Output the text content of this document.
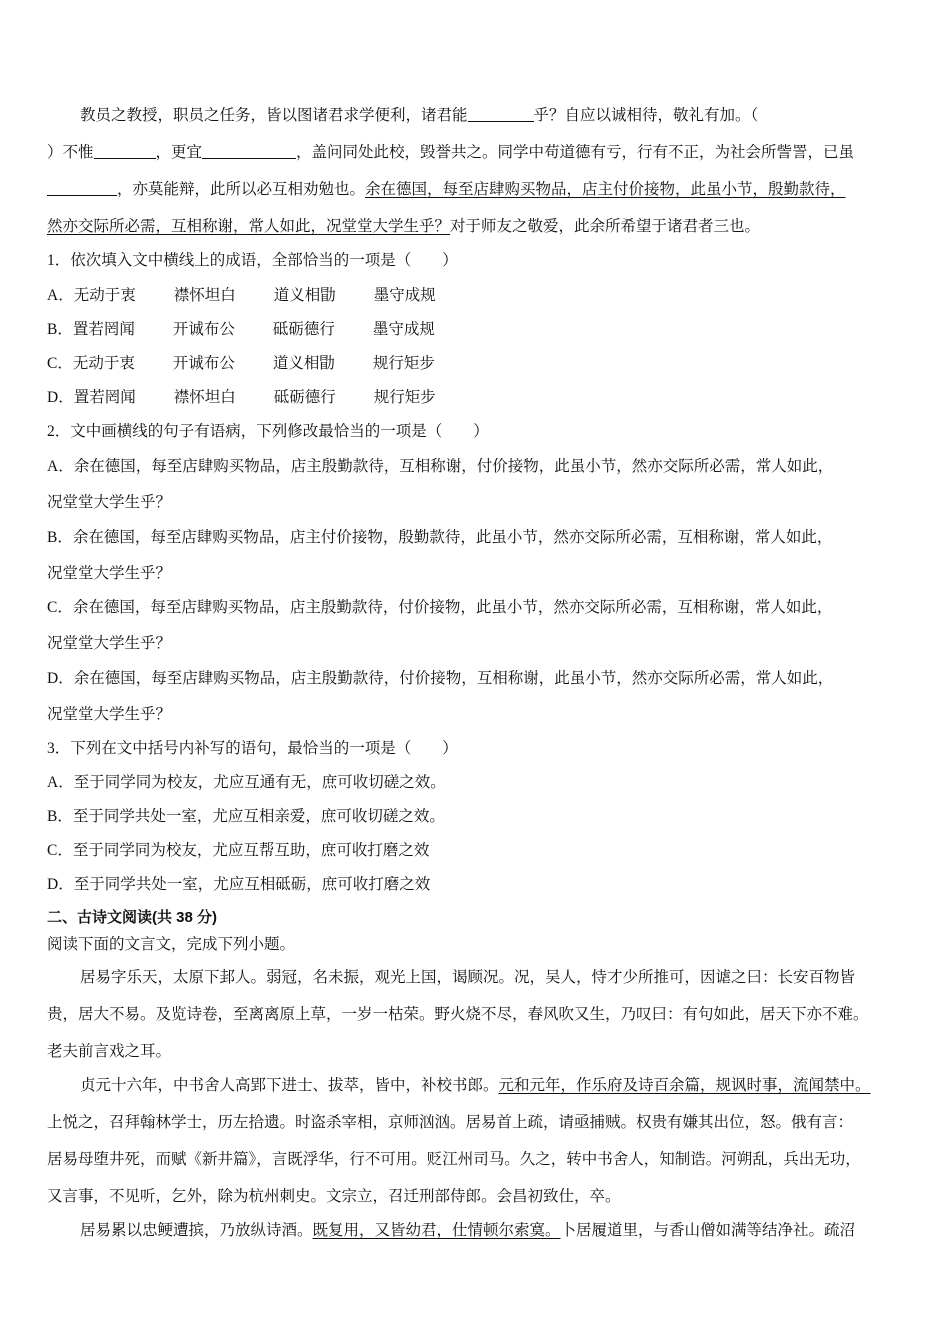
教员之教授，职员之任务，皆以图诸君求学便利，诸君能	乎？自应以诚相待，敬礼有加。（
）不惟	，更宜	，盖问同处此校，毁誉共之。同学中苟道德有亏，行有不正，为社会所訾詈，已虽
，亦莫能辩，此所以必互相劝勉也。余在德国，每至店肆购买物品，店主付价接物，此虽小节，殷勤款待，
然亦交际所必需，互相称谢，常人如此，况堂堂大学生乎？对于师友之敬爱，此余所希望于诸君者三也。
1．依次填入文中横线上的成语，全部恰当的一项是（　　）
A．无动于衷 襟怀坦白 道义相勖 墨守成规
B．置若罔闻 开诚布公 砥砺德行 墨守成规
C．无动于衷 开诚布公 道义相勖 规行矩步
D．置若罔闻 襟怀坦白 砥砺德行 规行矩步
2．文中画横线的句子有语病，下列修改最恰当的一项是（　　）
A．余在德国，每至店肆购买物品，店主殷勤款待，互相称谢，付价接物，此虽小节，然亦交际所必需，常人如此，
况堂堂大学生乎？
B．余在德国，每至店肆购买物品，店主付价接物，殷勤款待，此虽小节，然亦交际所必需，互相称谢，常人如此，
况堂堂大学生乎？
C．余在德国，每至店肆购买物品，店主殷勤款待，付价接物，此虽小节，然亦交际所必需，互相称谢，常人如此，
况堂堂大学生乎？
D．余在德国，每至店肆购买物品，店主殷勤款待，付价接物，互相称谢，此虽小节，然亦交际所必需，常人如此，
况堂堂大学生乎？
3．下列在文中括号内补写的语句，最恰当的一项是（　　）
A．至于同学同为校友，尤应互通有无，庶可收切磋之效。
B．至于同学共处一室，尤应互相亲爱，庶可收切磋之效。
C．至于同学同为校友，尤应互帮互助，庶可收打磨之效
D．至于同学共处一室，尤应互相砥砺，庶可收打磨之效
二、古诗文阅读(共 38 分)
阅读下面的文言文，完成下列小题。
居易字乐天，太原下邽人。弱冠，名未振，观光上国，谒顾况。况，吴人，恃才少所推可，因谑之曰：长安百物皆
贵，居大不易。及览诗卷，至离离原上草，一岁一枯荣。野火烧不尽，春风吹又生，乃叹曰：有句如此，居天下亦不难。
老夫前言戏之耳。
贞元十六年，中书舍人高郢下进士、拔萃，皆中，补校书郎。元和元年，作乐府及诗百余篇，规讽时事，流闻禁中。
上悦之，召拜翰林学士，历左拾遗。时盗杀宰相，京师汹汹。居易首上疏，请亟捕贼。权贵有嫌其出位，怒。俄有言：
居易母堕井死，而赋《新井篇》，言既浮华，行不可用。贬江州司马。久之，转中书舍人，知制诰。河朔乱，兵出无功，
又言事，不见听，乞外，除为杭州刺史。文宗立，召迁刑部侍郎。会昌初致仕，卒。
居易累以忠鲠遭摈，乃放纵诗酒。既复用，又皆幼君，仕情顿尔索寞。卜居履道里，与香山僧如满等结净社。疏沼
